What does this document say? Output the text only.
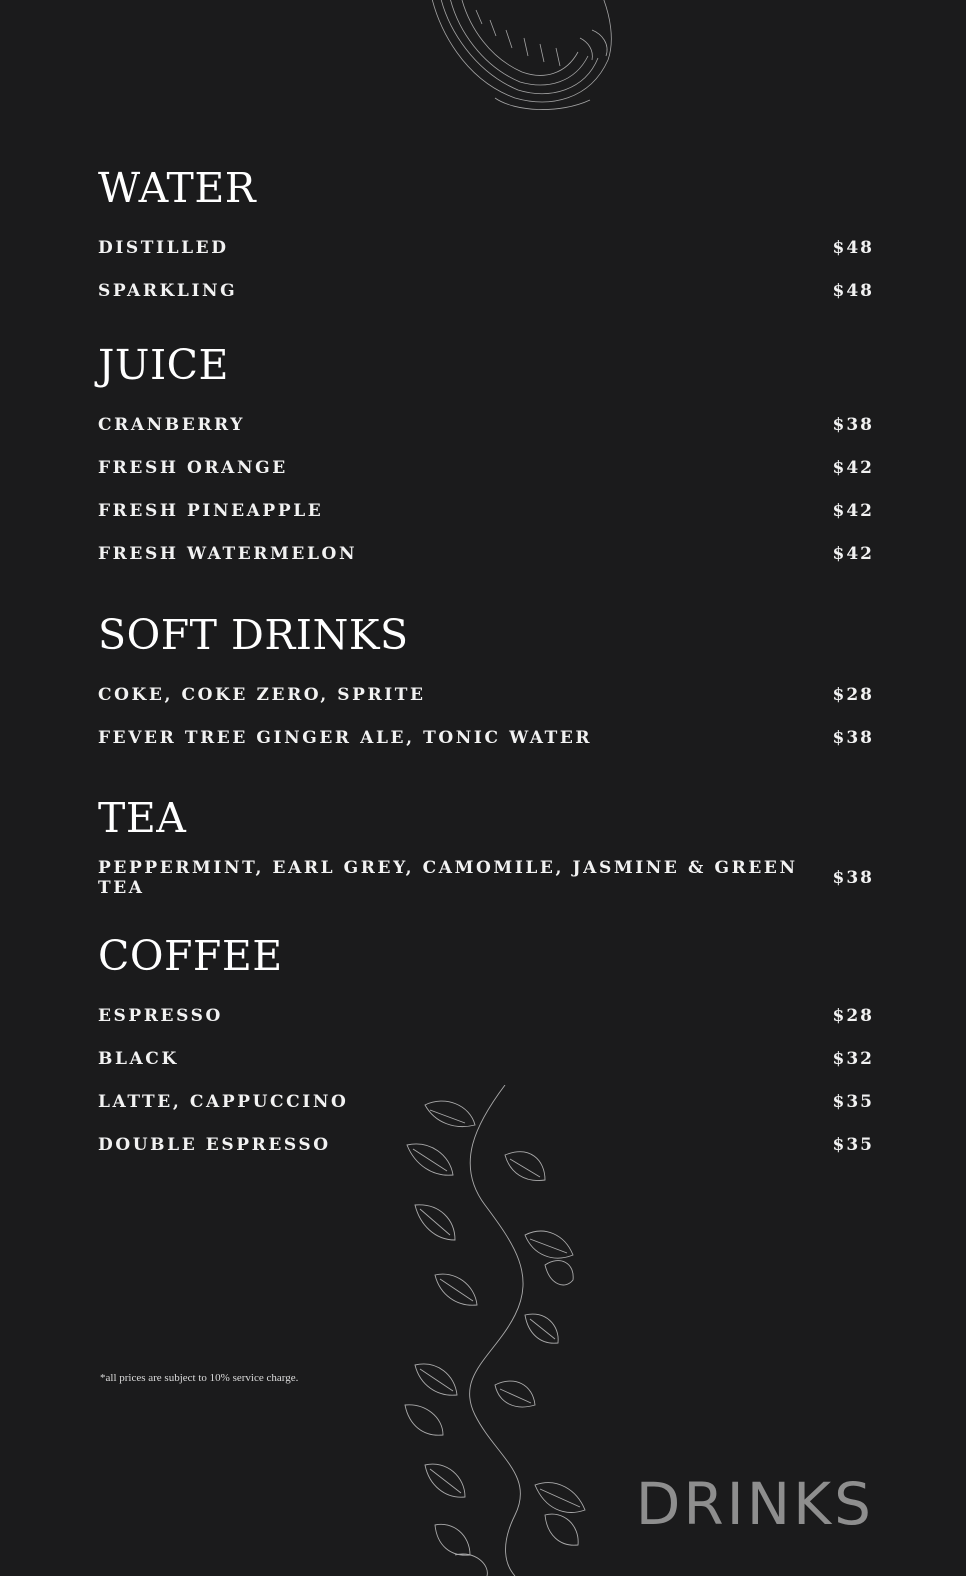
WATER
DISTILLED	$48
SPARKLING	$48
JUICE
CRANBERRY	$38
FRESH ORANGE	$42
FRESH PINEAPPLE	$42
FRESH WATERMELON	$42
SOFT DRINKS
COKE, COKE ZERO, SPRITE	$28
FEVER TREE GINGER ALE, TONIC WATER	$38
TEA
PEPPERMINT, EARL GREY, CAMOMILE, JASMINE & GREEN TEA	$38
COFFEE
ESPRESSO	$28
BLACK	$32
LATTE, CAPPUCCINO	$35
DOUBLE ESPRESSO	$35
*all prices are subject to 10% service charge.
DRINKS
